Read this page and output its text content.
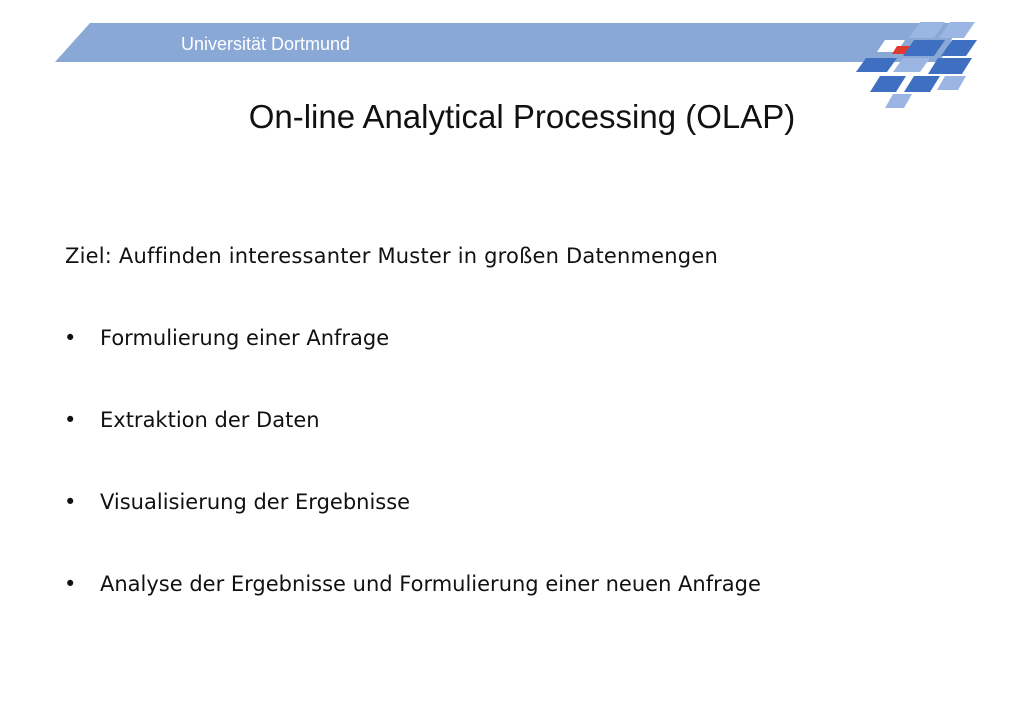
Universität Dortmund
On-line Analytical Processing (OLAP)
Ziel: Auffinden interessanter Muster in großen Datenmengen
• Formulierung einer Anfrage
• Extraktion der Daten
• Visualisierung der Ergebnisse
• Analyse der Ergebnisse und Formulierung einer neuen Anfrage
